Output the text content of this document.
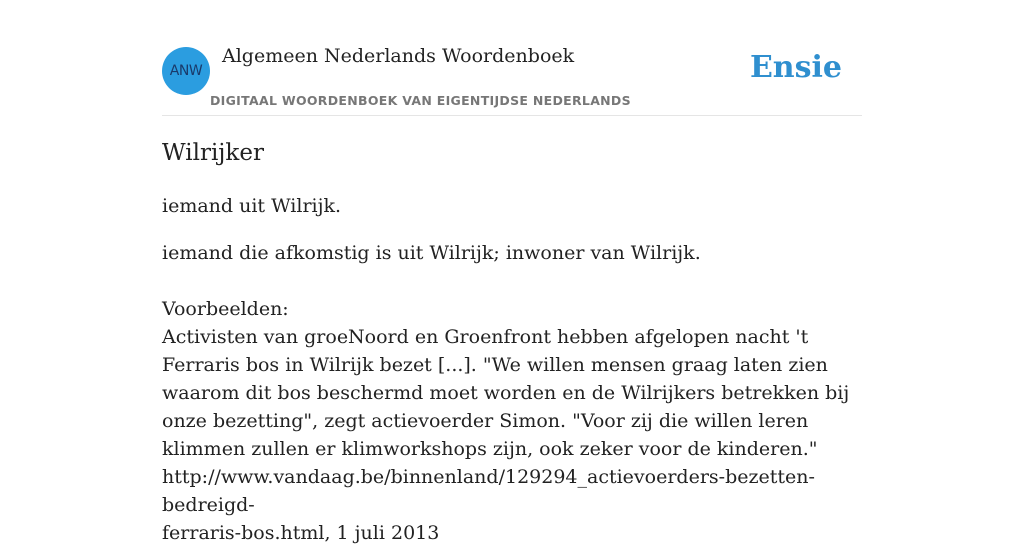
ANW
Algemeen Nederlands Woordenboek
DIGITAAL WOORDENBOEK VAN EIGENTIJDSE NEDERLANDS
Ensie
Wilrijker
iemand uit Wilrijk.
iemand die afkomstig is uit Wilrijk; inwoner van Wilrijk.
Voorbeelden:
Activisten van groeNoord en Groenfront hebben afgelopen nacht 't Ferraris bos in Wilrijk bezet [...]. "We willen mensen graag laten zien waarom dit bos beschermd moet worden en de Wilrijkers betrekken bij onze bezetting", zegt actievoerder Simon. "Voor zij die willen leren klimmen zullen er klimworkshops zijn, ook zeker voor de kinderen."
http://www.vandaag.be/binnenland/129294_actievoerders-bezetten-bedreigd-
ferraris-bos.html, 1 juli 2013
